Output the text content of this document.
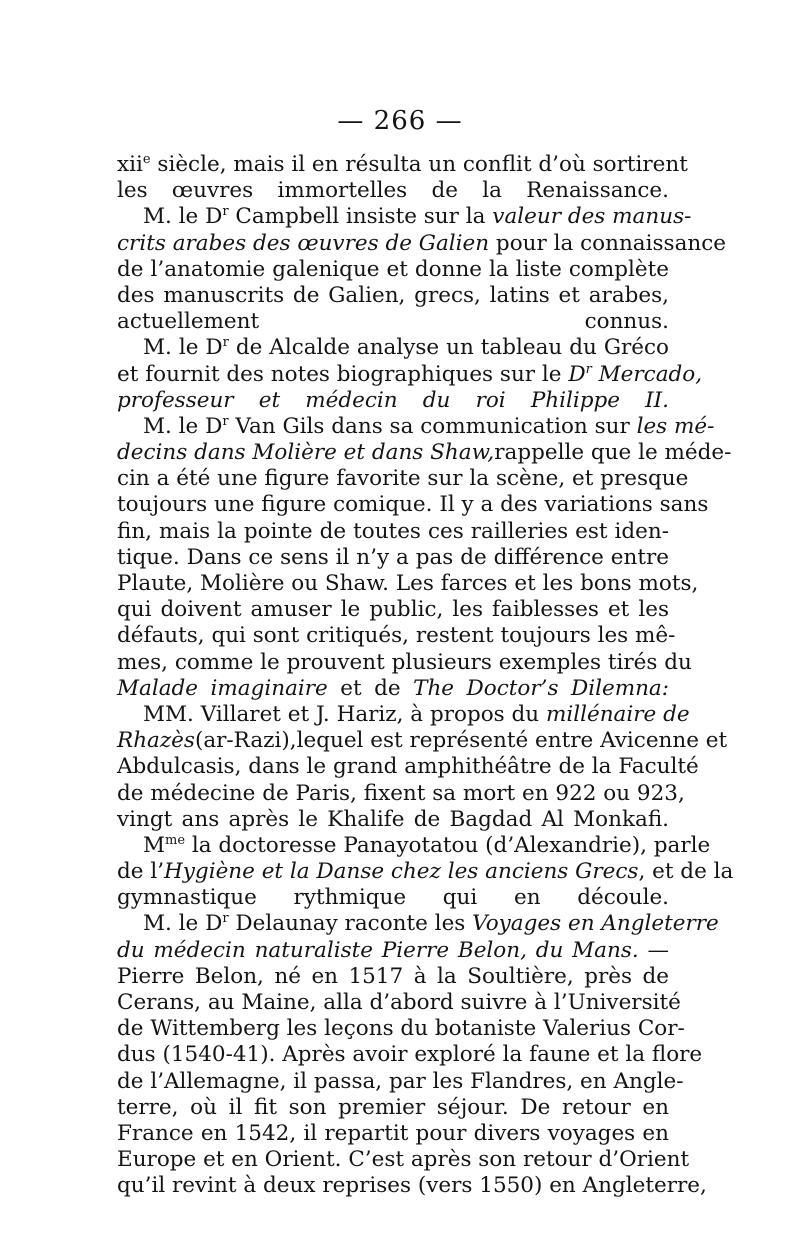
— 266 —
xii$^e$ siècle, mais il en résulta un conflit d’où sortirent
les œuvres immortelles de la Renaissance.
M. le $D^r$ Campbell insiste sur la valeur des manus-
crits arabes des œuvres de Galien pour la connaissance
de l’anatomie galenique et donne la liste complète
des manuscrits de Galien, grecs, latins et arabes,
actuellement connus.
M. le $D^r$ de Alcalde analyse un tableau du Gréco
et fournit des notes biographiques sur le $D^r$ Mercado,
professeur et médecin du roi Philippe II.
M. le $D^r$ Van Gils dans sa communication sur les mé-
decins dans Molière et dans Shaw,rappelle que le méde-
cin a été une figure favorite sur la scène, et presque
toujours une figure comique. Il y a des variations sans
fin, mais la pointe de toutes ces railleries est iden-
tique. Dans ce sens il n’y a pas de différence entre
Plaute, Molière ou Shaw. Les farces et les bons mots,
qui doivent amuser le public, les faiblesses et les
défauts, qui sont critiqués, restent toujours les mê-
mes, comme le prouvent plusieurs exemples tirés du
Malade imaginaire et de The Doctor’s Dilemna:
MM. Villaret et J. Hariz, à propos du millénaire de
Rhazès(ar-Razi),lequel est représenté entre Avicenne et
Abdulcasis, dans le grand amphithéâtre de la Faculté
de médecine de Paris, fixent sa mort en 922 ou 923,
vingt ans après le Khalife de Bagdad Al Monkafi.
$M^{me}$ la doctoresse Panayotatou (d’Alexandrie), parle
de l’Hygiène et la Danse chez les anciens Grecs, et de la
gymnastique rythmique qui en découle.
M. le $D^r$ Delaunay raconte les Voyages en Angleterre
du médecin naturaliste Pierre Belon, du Mans. —
Pierre Belon, né en 1517 à la Soultière, près de
Cerans, au Maine, alla d’abord suivre à l’Université
de Wittemberg les leçons du botaniste Valerius Cor-
dus (1540-41). Après avoir exploré la faune et la flore
de l’Allemagne, il passa, par les Flandres, en Angle-
terre, où il fit son premier séjour. De retour en
France en 1542, il repartit pour divers voyages en
Europe et en Orient. C’est après son retour d’Orient
qu’il revint à deux reprises (vers 1550) en Angleterre,
